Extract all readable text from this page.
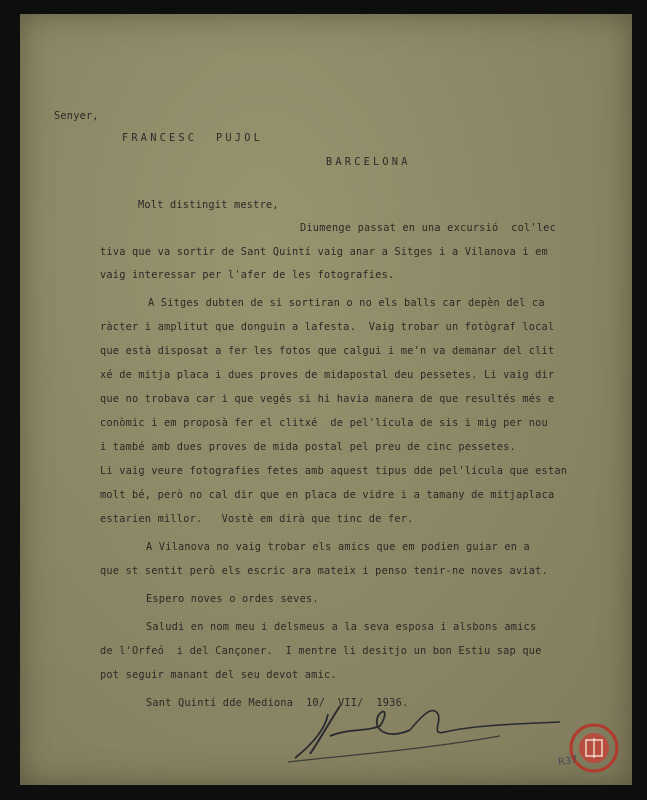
Senyer,
FRANCESC  PUJOL
BARCELONA
Molt distingit mestre,
Diumenge passat en una excursió  col'lec
tiva que va sortir de Sant Quintí vaig anar a Sitges i a Vilanova i em
vaig interessar per l'afer de les fotografies.
A Sitges dubten de si sortiran o no els balls car depèn del ca
ràcter i amplitut que donguin a lafesta.  Vaig trobar un fotògraf local
que està disposat a fer les fotos que calgui i me'n va demanar del clit
xé de mitja placa i dues proves de midapostal deu pessetes. Li vaig dir
que no trobava car i que vegés si hi havia manera de que resultés més e
conòmic i em proposà fer el clitxé  de pel'lícula de sis i mig per nou
i també amb dues proves de mida postal pel preu de cinc pessetes.
Li vaig veure fotografies fetes amb aquest tipus dde pel'lícula que estan
molt bé, però no cal dir que en placa de vidre i a tamany de mitjaplaca
estarien millor.   Vostè em dirà que tinc de fer.
A Vilanova no vaig trobar els amics que em podien guiar en a
que st sentit però els escric ara mateix i penso tenir-ne noves aviat.
Espero noves o ordes seves.
Saludi en nom meu i delsmeus a la seva esposa i alsbons amics
de l'Orfeó  i del Cançoner.  I mentre li desitjo un bon Estiu sap que
pot seguir manant del seu devot amic.
Sant Quintí dde Mediona  10/  VII/  1936.
R37
